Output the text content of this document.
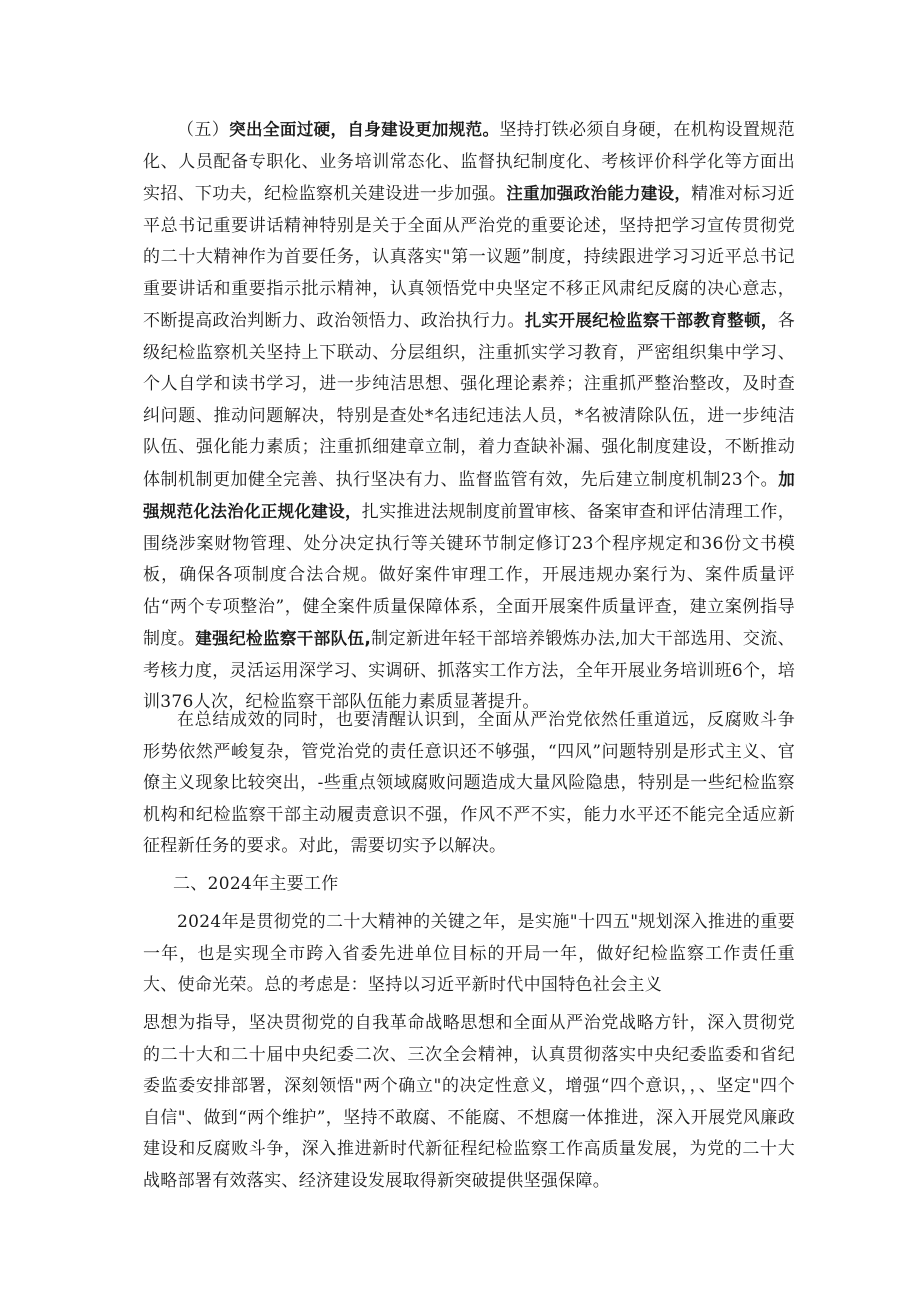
（五）突出全面过硬，自身建设更加规范。坚持打铁必须自身硬，在机构设置规范化、人员配备专职化、业务培训常态化、监督执纪制度化、考核评价科学化等方面出实招、下功夫，纪检监察机关建设进一步加强。注重加强政治能力建设，精准对标习近平总书记重要讲话精神特别是关于全面从严治党的重要论述，坚持把学习宣传贯彻党的二十大精神作为首要任务，认真落实"第一议题”制度，持续跟进学习习近平总书记重要讲话和重要指示批示精神，认真领悟党中央坚定不移正风肃纪反腐的决心意志，不断提高政治判断力、政治领悟力、政治执行力。扎实开展纪检监察干部教育整顿，各级纪检监察机关坚持上下联动、分层组织，注重抓实学习教育，严密组织集中学习、个人自学和读书学习，进一步纯洁思想、强化理论素养；注重抓严整治整改，及时查纠问题、推动问题解决，特别是查处*名违纪违法人员，*名被清除队伍，进一步纯洁队伍、强化能力素质；注重抓细建章立制，着力查缺补漏、强化制度建设，不断推动体制机制更加健全完善、执行坚决有力、监督监管有效，先后建立制度机制23个。加强规范化法治化正规化建设，扎实推进法规制度前置审核、备案审查和评估清理工作，围绕涉案财物管理、处分决定执行等关键环节制定修订23个程序规定和36份文书模板，确保各项制度合法合规。做好案件审理工作，开展违规办案行为、案件质量评估“两个专项整治”，健全案件质量保障体系，全面开展案件质量评查，建立案例指导制度。建强纪检监察干部队伍,制定新进年轻干部培养锻炼办法,加大干部选用、交流、考核力度，灵活运用深学习、实调研、抓落实工作方法，全年开展业务培训班6个，培训376人次，纪检监察干部队伍能力素质显著提升。

在总结成效的同时，也要清醒认识到，全面从严治党依然任重道远，反腐败斗争形势依然严峻复杂，管党治党的责任意识还不够强，“四风”问题特别是形式主义、官僚主义现象比较突出，-些重点领域腐败问题造成大量风险隐患，特别是一些纪检监察机构和纪检监察干部主动履责意识不强，作风不严不实，能力水平还不能完全适应新征程新任务的要求。对此，需要切实予以解决。

二、2024年主要工作

2024年是贯彻党的二十大精神的关键之年，是实施"十四五"规划深入推进的重要一年，也是实现全市跨入省委先进单位目标的开局一年，做好纪检监察工作责任重大、使命光荣。总的考虑是：坚持以习近平新时代中国特色社会主义

思想为指导，坚决贯彻党的自我革命战略思想和全面从严治党战略方针，深入贯彻党的二十大和二十届中央纪委二次、三次全会精神，认真贯彻落实中央纪委监委和省纪委监委安排部署，深刻领悟"两个确立"的决定性意义，增强“四个意识，，、坚定"四个自信"、做到“两个维护”，坚持不敢腐、不能腐、不想腐一体推进，深入开展党风廉政建设和反腐败斗争，深入推进新时代新征程纪检监察工作高质量发展，为党的二十大战略部署有效落实、经济建设发展取得新突破提供坚强保障。
